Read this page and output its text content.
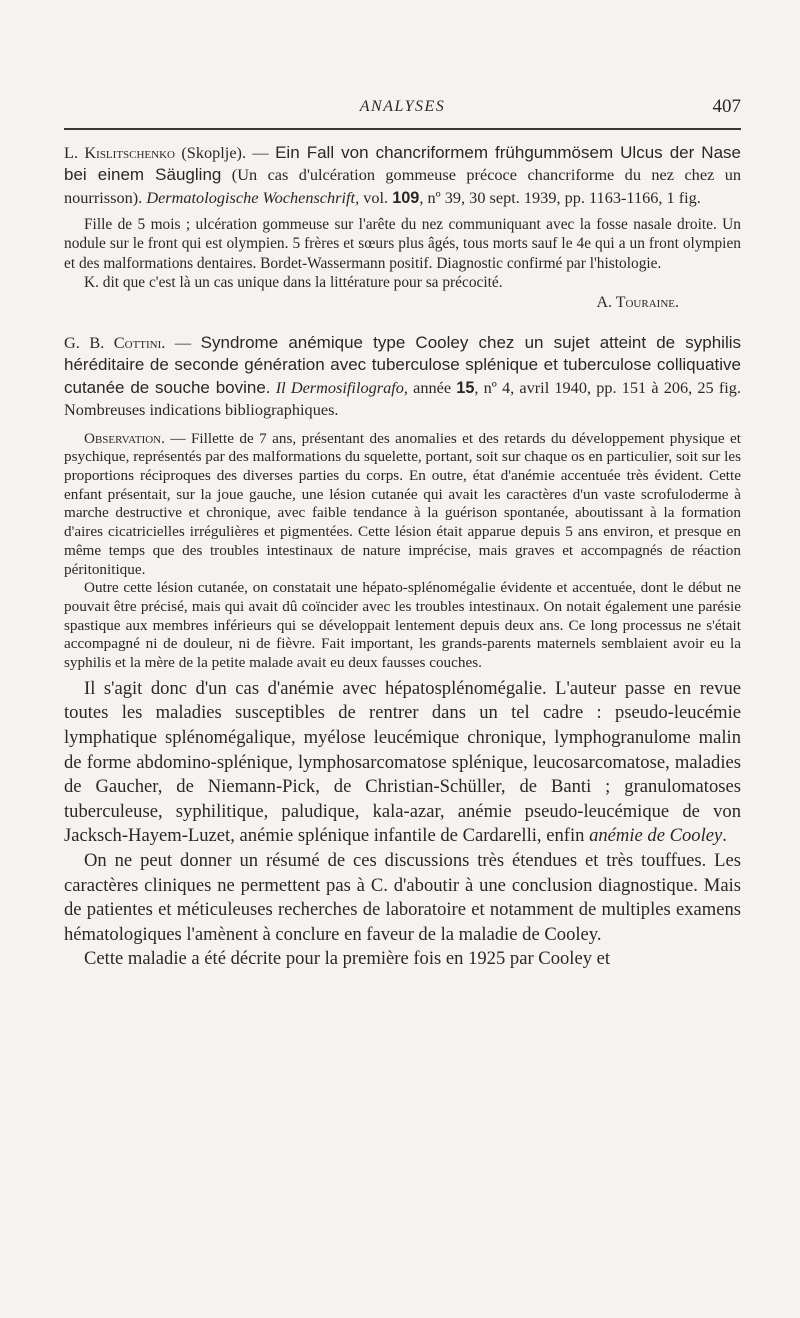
ANALYSES	407

L. Kislitschenko (Skoplje). — Ein Fall von chancriformem frühgummösem Ulcus der Nase bei einem Säugling (Un cas d'ulcération gommeuse précoce chancriforme du nez chez un nourrisson). Dermatologische Wochenschrift, vol. 109, nº 39, 30 sept. 1939, pp. 1163-1166, 1 fig.

Fille de 5 mois ; ulcération gommeuse sur l'arête du nez communiquant avec la fosse nasale droite. Un nodule sur le front qui est olympien. 5 frères et sœurs plus âgés, tous morts sauf le 4e qui a un front olympien et des malformations dentaires. Bordet-Wassermann positif. Diagnostic confirmé par l'histologie.

K. dit que c'est là un cas unique dans la littérature pour sa précocité.

A. Touraine.

G. B. Cottini. — Syndrome anémique type Cooley chez un sujet atteint de syphilis héréditaire de seconde génération avec tuberculose splénique et tuberculose colliquative cutanée de souche bovine. Il Dermosifilografo, année 15, nº 4, avril 1940, pp. 151 à 206, 25 fig. Nombreuses indications bibliographiques.

Observation. — Fillette de 7 ans, présentant des anomalies et des retards du développement physique et psychique, représentés par des malformations du squelette, portant, soit sur chaque os en particulier, soit sur les proportions réciproques des diverses parties du corps. En outre, état d'anémie accentuée très évident. Cette enfant présentait, sur la joue gauche, une lésion cutanée qui avait les caractères d'un vaste scrofuloderme à marche destructive et chronique, avec faible tendance à la guérison spontanée, aboutissant à la formation d'aires cicatricielles irrégulières et pigmentées. Cette lésion était apparue depuis 5 ans environ, et presque en même temps que des troubles intestinaux de nature imprécise, mais graves et accompagnés de réaction péritonitique.

Outre cette lésion cutanée, on constatait une hépato-splénomégalie évidente et accentuée, dont le début ne pouvait être précisé, mais qui avait dû coïncider avec les troubles intestinaux. On notait également une parésie spastique aux membres inférieurs qui se développait lentement depuis deux ans. Ce long processus ne s'était accompagné ni de douleur, ni de fièvre. Fait important, les grands-parents maternels semblaient avoir eu la syphilis et la mère de la petite malade avait eu deux fausses couches.

Il s'agit donc d'un cas d'anémie avec hépatosplénomégalie. L'auteur passe en revue toutes les maladies susceptibles de rentrer dans un tel cadre : pseudo-leucémie lymphatique splénomégalique, myélose leucémique chronique, lymphogranulome malin de forme abdomino-splénique, lymphosarcomatose splénique, leucosarcomatose, maladies de Gaucher, de Niemann-Pick, de Christian-Schüller, de Banti ; granulomatoses tuberculeuse, syphilitique, paludique, kala-azar, anémie pseudo-leucémique de von Jacksch-Hayem-Luzet, anémie splénique infantile de Cardarelli, enfin anémie de Cooley.

On ne peut donner un résumé de ces discussions très étendues et très touffues. Les caractères cliniques ne permettent pas à C. d'aboutir à une conclusion diagnostique. Mais de patientes et méticuleuses recherches de laboratoire et notamment de multiples examens hématologiques l'amènent à conclure en faveur de la maladie de Cooley.

Cette maladie a été décrite pour la première fois en 1925 par Cooley et
